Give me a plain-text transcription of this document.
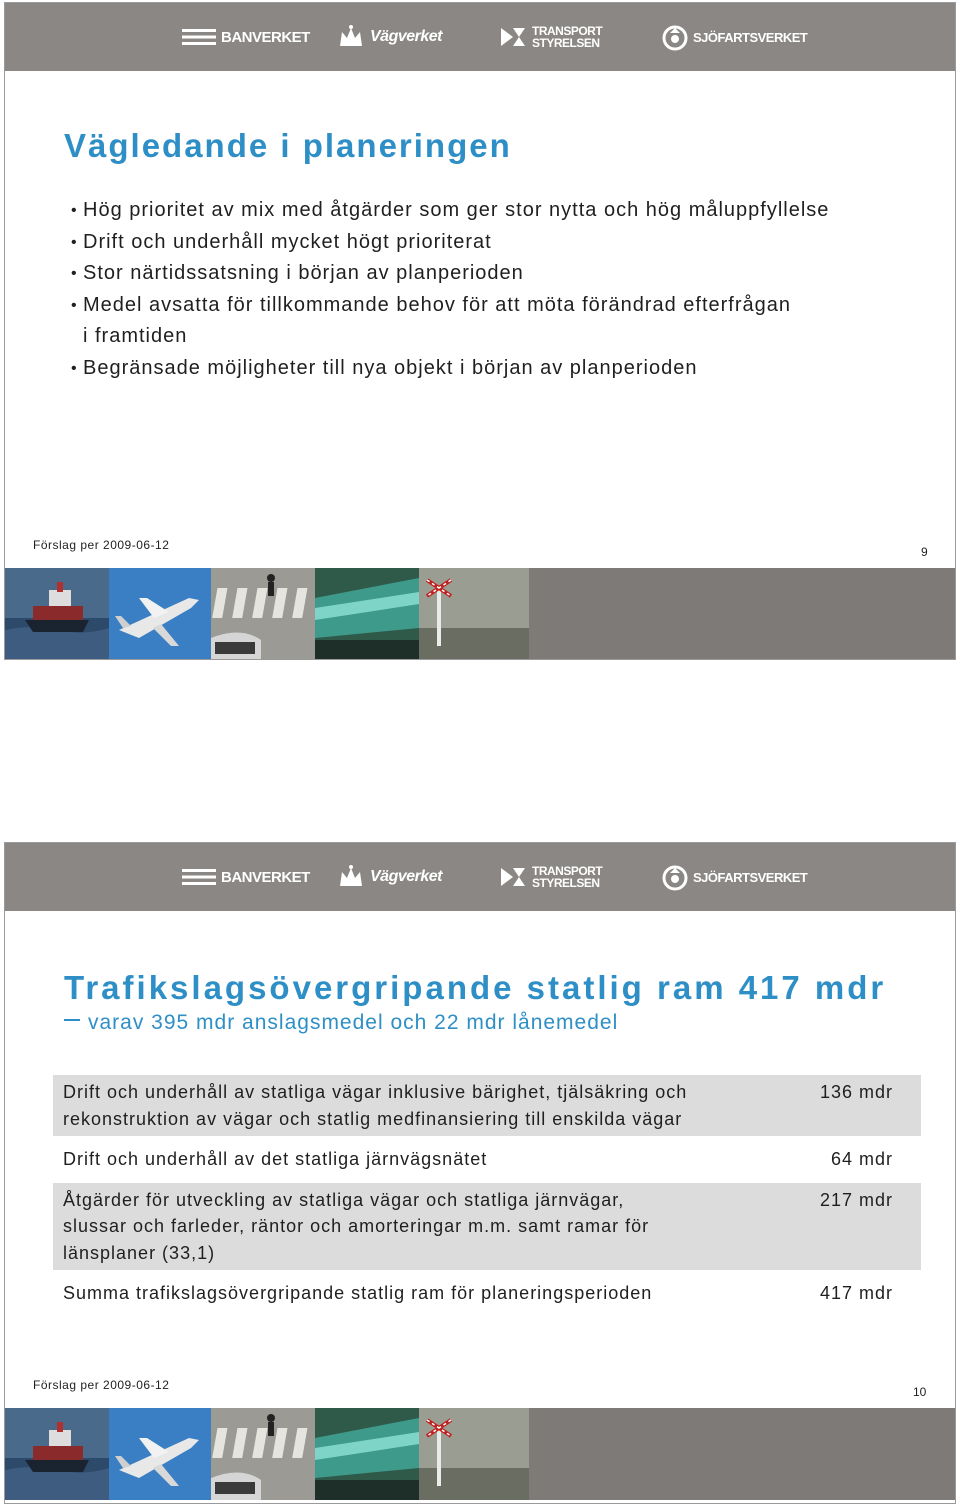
BANVERKET	Vägverket	TRANSPORT
STYRELSEN	SJÖFARTSVERKET
Vägledande i planeringen
• Hög prioritet av mix med åtgärder som ger stor nytta och hög måluppfyllelse
• Drift och underhåll mycket högt prioriterat
• Stor närtidssatsning i början av planperioden
• Medel avsatta för tillkommande behov för att möta förändrad efterfrågan
i framtiden
• Begränsade möjligheter till nya objekt i början av planperioden
Förslag per 2009-06-12	9
BANVERKET	Vägverket	TRANSPORT
STYRELSEN	SJÖFARTSVERKET
Trafikslagsövergripande statlig ram 417 mdr
varav 395 mdr anslagsmedel och 22 mdr lånemedel
Drift och underhåll av statliga vägar inklusive bärighet, tjälsäkring och
rekonstruktion av vägar och statlig medfinansiering till enskilda vägar	136 mdr

Drift och underhåll av det statliga järnvägsnätet	64 mdr

Åtgärder för utveckling av statliga vägar och statliga järnvägar,
slussar och farleder, räntor och amorteringar m.m. samt ramar för
länsplaner (33,1)	217 mdr

Summa trafikslagsövergripande statlig ram för planeringsperioden	417 mdr
Förslag per 2009-06-12	10
